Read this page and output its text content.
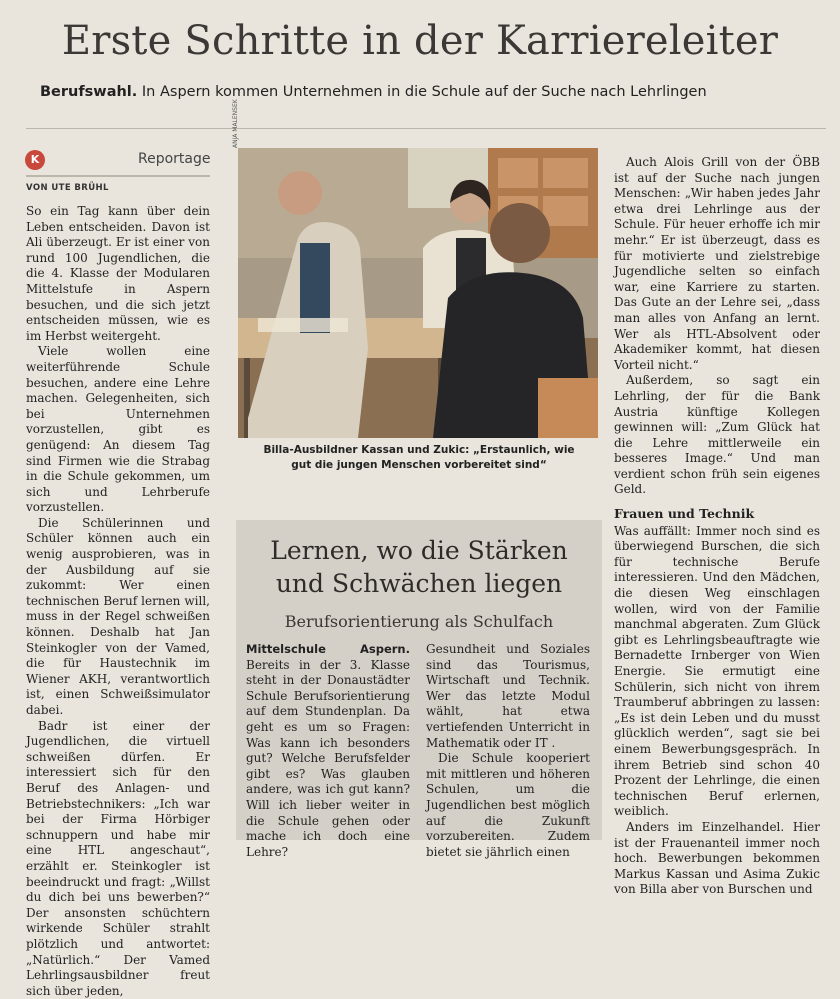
Erste Schritte in der Karriereleiter
Berufswahl. In Aspern kommen Unternehmen in die Schule auf der Suche nach Lehrlingen
K	Reportage
VON UTE BRÜHL

So ein Tag kann über dein Leben entscheiden. Davon ist Ali überzeugt. Er ist einer von rund 100 Jugendlichen, die die 4. Klasse der Modularen Mittelstufe in Aspern besuchen, und die sich jetzt entscheiden müssen, wie es im Herbst weitergeht.

Viele wollen eine weiterführende Schule besuchen, andere eine Lehre machen. Gelegenheiten, sich bei Unternehmen vorzustellen, gibt es genügend: An diesem Tag sind Firmen wie die Strabag in die Schule gekommen, um sich und Lehrberufe vorzustellen.

Die Schülerinnen und Schüler können auch ein wenig ausprobieren, was in der Ausbildung auf sie zukommt: Wer einen technischen Beruf lernen will, muss in der Regel schweißen können. Deshalb hat Jan Steinkogler von der Vamed, die für Haustechnik im Wiener AKH, verantwortlich ist, einen Schweißsimulator dabei.

Badr ist einer der Jugendlichen, die virtuell schweißen dürfen. Er interessiert sich für den Beruf des Anlagen- und Betriebstechnikers: „Ich war bei der Firma Hörbiger schnuppern und habe mir eine HTL angeschaut“, erzählt er. Steinkogler ist beeindruckt und fragt: „Willst du dich bei uns bewerben?“ Der ansonsten schüchtern wirkende Schüler strahlt plötzlich und antwortet: „Natürlich.“ Der Vamed Lehrlingsausbildner freut sich über jeden,

ANJA MALENSEK
Billa-Ausbildner Kassan und Zukic: „Erstaunlich, wie
gut die jungen Menschen vorbereitet sind“
Lernen, wo die Stärken
und Schwächen liegen
Berufsorientierung als Schulfach

Mittelschule Aspern. Bereits in der 3. Klasse steht in der Donaustädter Schule Berufsorientierung auf dem Stundenplan. Da geht es um so Fragen: Was kann ich besonders gut? Welche Berufsfelder gibt es? Was glauben andere, was ich gut kann? Will ich lieber weiter in die Schule gehen oder mache ich doch eine Lehre?

Gesundheit und Soziales sind das Tourismus, Wirtschaft und Technik. Wer das letzte Modul wählt, hat etwa vertiefenden Unterricht in Mathematik oder IT .

Die Schule kooperiert mit mittleren und höheren Schulen, um die Jugendlichen best möglich auf die Zukunft vorzubereiten. Zudem bietet sie jährlich einen

Auch Alois Grill von der ÖBB ist auf der Suche nach jungen Menschen: „Wir haben jedes Jahr etwa drei Lehrlinge aus der Schule. Für heuer erhoffe ich mir mehr.“ Er ist überzeugt, dass es für motivierte und zielstrebige Jugendliche selten so einfach war, eine Karriere zu starten. Das Gute an der Lehre sei, „dass man alles von Anfang an lernt. Wer als HTL-Absolvent oder Akademiker kommt, hat diesen Vorteil nicht.“

Außerdem, so sagt ein Lehrling, der für die Bank Austria künftige Kollegen gewinnen will: „Zum Glück hat die Lehre mittlerweile ein besseres Image.“ Und man verdient schon früh sein eigenes Geld.

Frauen und Technik

Was auffällt: Immer noch sind es überwiegend Burschen, die sich für technische Berufe interessieren. Und den Mädchen, die diesen Weg einschlagen wollen, wird von der Familie manchmal abgeraten. Zum Glück gibt es Lehrlingsbeauftragte wie Bernadette Irnberger von Wien Energie. Sie ermutigt eine Schülerin, sich nicht von ihrem Traumberuf abbringen zu lassen: „Es ist dein Leben und du musst glücklich werden“, sagt sie bei einem Bewerbungsgespräch. In ihrem Betrieb sind schon 40 Prozent der Lehrlinge, die einen technischen Beruf erlernen, weiblich.

Anders im Einzelhandel. Hier ist der Frauenanteil immer noch hoch. Bewerbungen bekommen Markus Kassan und Asima Zukic von Billa aber von Burschen und
